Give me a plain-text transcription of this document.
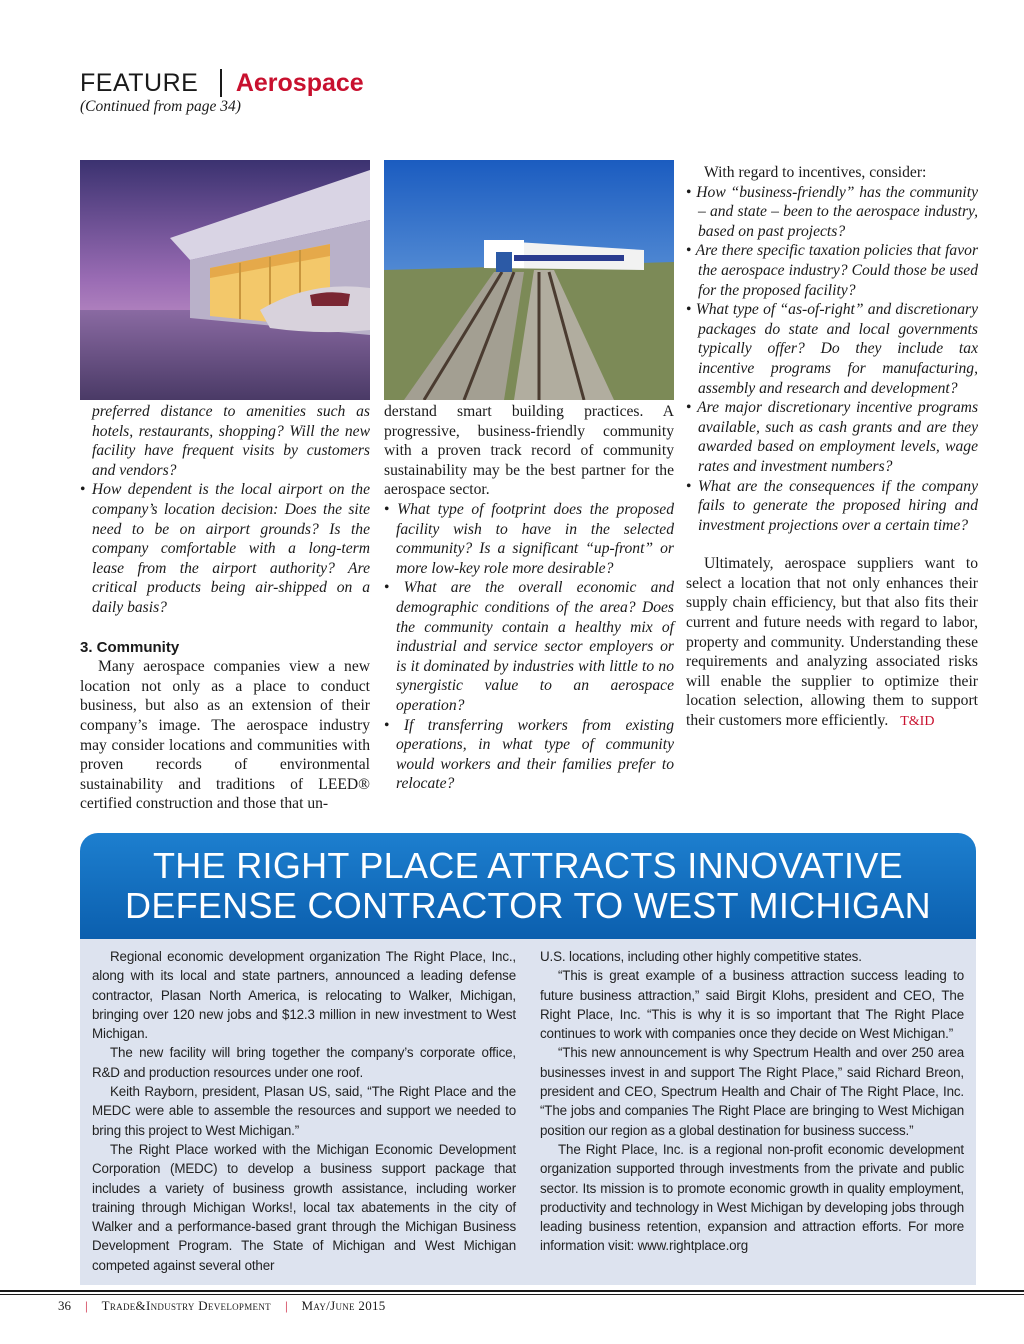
FEATURE Aerospace
(Continued from page 34)

preferred distance to amenities such as hotels, restaurants, shopping? Will the new facility have frequent visits by customers and vendors?

• How dependent is the local airport on the company’s location decision: Does the site need to be on airport grounds? Is the company comfortable with a long-term lease from the airport authority? Are critical products being air-shipped on a daily basis?

3. Community

Many aerospace companies view a new location not only as a place to conduct business, but also as an extension of their company’s image. The aerospace industry may consider locations and communities with proven records of environmental sustainability and traditions of LEED® certified construction and those that un-

derstand smart building practices. A progressive, business-friendly community with a proven track record of community sustainability may be the best partner for the aerospace sector.

• What type of footprint does the proposed facility wish to have in the selected community? Is a significant “up-front” or more low-key role more desirable?

• What are the overall economic and demographic conditions of the area? Does the community contain a healthy mix of industrial and service sector employers or is it dominated by industries with little to no synergistic value to an aerospace operation?

• If transferring workers from existing operations, in what type of community would workers and their families prefer to relocate?

With regard to incentives, consider:

• How “business-friendly” has the community – and state – been to the aerospace industry, based on past projects?

• Are there specific taxation policies that favor the aerospace industry? Could those be used for the proposed facility?

• What type of “as-of-right” and discretionary packages do state and local governments typically offer? Do they include tax incentive programs for manufacturing, assembly and research and development?

• Are major discretionary incentive programs available, such as cash grants and are they awarded based on employment levels, wage rates and investment numbers?

• What are the consequences if the company fails to generate the proposed hiring and investment projections over a certain time?

Ultimately, aerospace suppliers want to select a location that not only enhances their supply chain efficiency, but that also fits their current and future needs with regard to labor, property and community. Understanding these requirements and analyzing associated risks will enable the supplier to optimize their location selection, allowing them to support their customers more efficiently. T&ID

THE RIGHT PLACE ATTRACTS INNOVATIVE
DEFENSE CONTRACTOR TO WEST MICHIGAN

Regional economic development organization The Right Place, Inc., along with its local and state partners, announced a leading defense contractor, Plasan North America, is relocating to Walker, Michigan, bringing over 120 new jobs and $12.3 million in new investment to West Michigan.

The new facility will bring together the company’s corporate office, R&D and production resources under one roof.

Keith Rayborn, president, Plasan US, said, “The Right Place and the MEDC were able to assemble the resources and support we needed to bring this project to West Michigan.”

The Right Place worked with the Michigan Economic Development Corporation (MEDC) to develop a business support package that includes a variety of business growth assistance, including worker training through Michigan Works!, local tax abatements in the city of Walker and a performance-based grant through the Michigan Business Development Program. The State of Michigan and West Michigan competed against several other

U.S. locations, including other highly competitive states.

“This is great example of a business attraction success leading to future business attraction,” said Birgit Klohs, president and CEO, The Right Place, Inc. “This is why it is so important that The Right Place continues to work with companies once they decide on West Michigan.”

“This new announcement is why Spectrum Health and over 250 area businesses invest in and support The Right Place,” said Richard Breon, president and CEO, Spectrum Health and Chair of The Right Place, Inc. “The jobs and companies The Right Place are bringing to West Michigan position our region as a global destination for business success.”

The Right Place, Inc. is a regional non-profit economic development organization supported through investments from the private and public sector. Its mission is to promote economic growth in quality employment, productivity and technology in West Michigan by developing jobs through leading business retention, expansion and attraction efforts. For more information visit: www.rightplace.org

36 | Trade&Industry Development | May/June 2015
